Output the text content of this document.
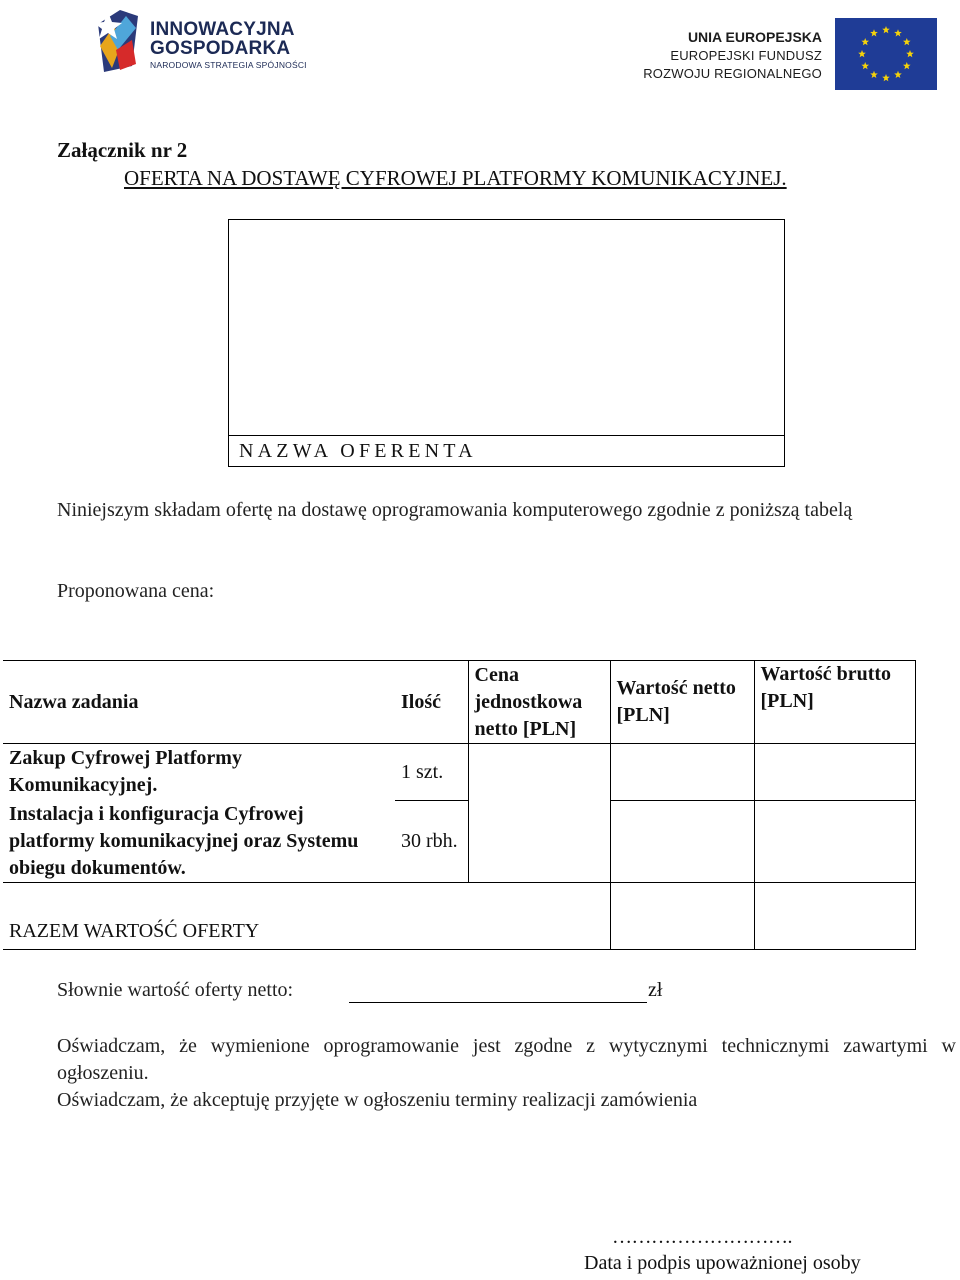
INNOWACYJNA
GOSPODARKA
NARODOWA STRATEGIA SPÓJNOŚCI
UNIA EUROPEJSKA
EUROPEJSKI FUNDUSZ
ROZWOJU REGIONALNEGO
Załącznik nr 2
OFERTA NA DOSTAWĘ CYFROWEJ PLATFORMY KOMUNIKACYJNEJ.
NAZWA OFERENTA
Niniejszym składam ofertę na dostawę oprogramowania komputerowego zgodnie z poniższą tabelą
Proponowana cena:
Nazwa zadania	Ilość	Cena jednostkowa netto [PLN]	Wartość netto [PLN]	Wartość brutto [PLN]
Zakup Cyfrowej Platformy Komunikacyjnej.	1 szt.			
Instalacja i konfiguracja Cyfrowej platformy komunikacyjnej oraz Systemu obiegu dokumentów.	30 rbh.			
RAZEM WARTOŚĆ OFERTY				
Słownie wartość oferty netto:	zł
Oświadczam, że wymienione oprogramowanie jest zgodne z wytycznymi technicznymi zawartymi w ogłoszeniu.
Oświadczam, że akceptuję przyjęte w ogłoszeniu terminy realizacji zamówienia
……………………….
Data i podpis upoważnionej osoby
